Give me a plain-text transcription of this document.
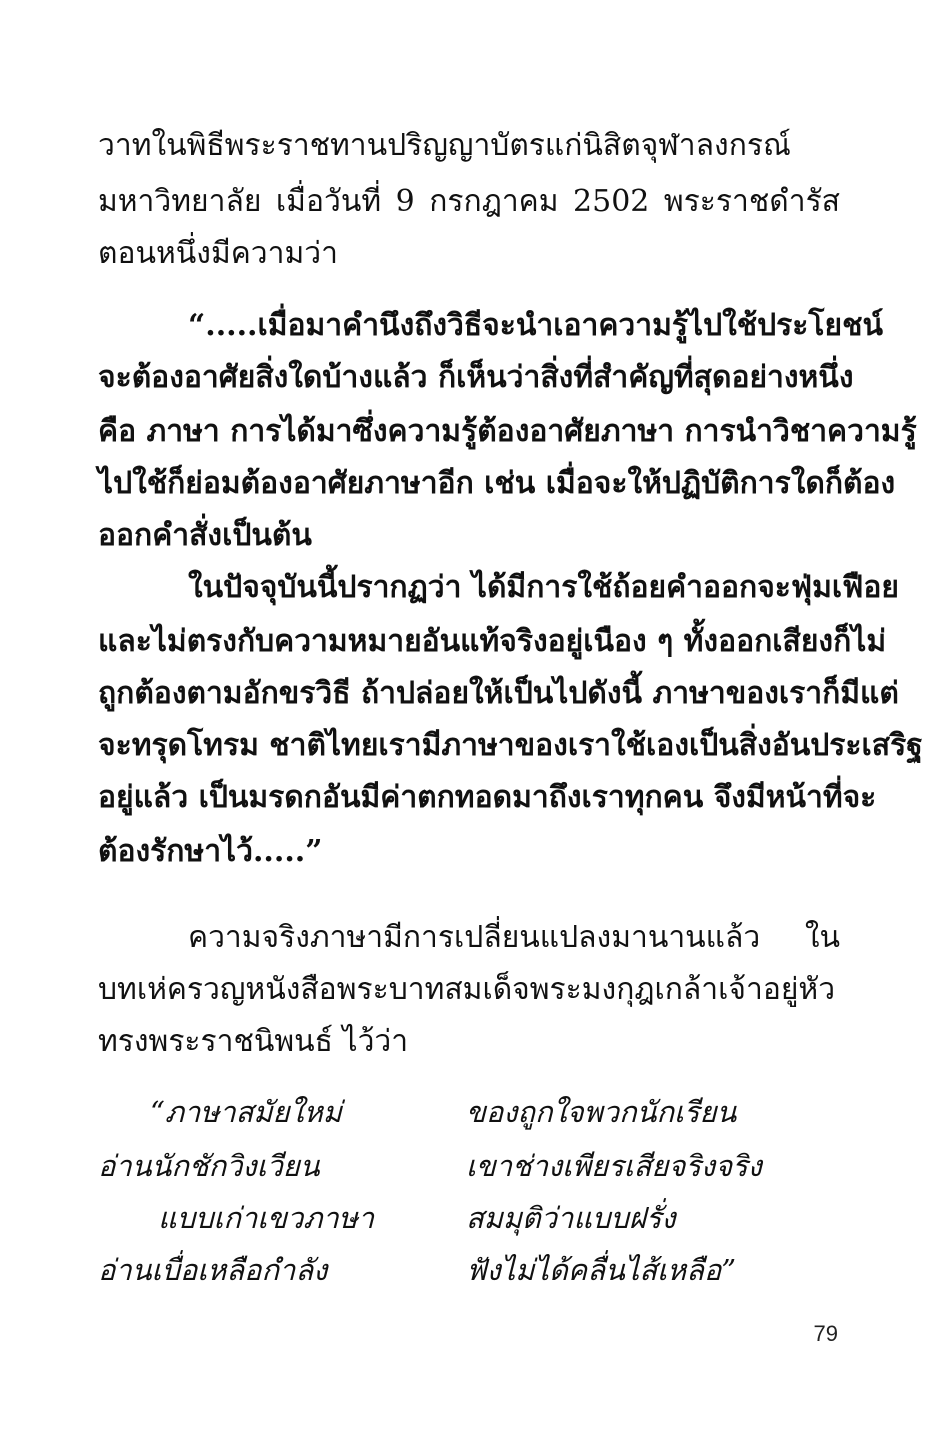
วาทในพิธีพระราชทานปริญญาบัตรแก่นิสิตจุฬาลงกรณ์
มหาวิทยาลัย เมื่อวันที่ 9 กรกฎาคม 2502 พระราชดำรัส
ตอนหนึ่งมีความว่า
“.....เมื่อมาคำนึงถึงวิธีจะนำเอาความรู้ไปใช้ประโยชน์
จะต้องอาศัยสิ่งใดบ้างแล้ว ก็เห็นว่าสิ่งที่สำคัญที่สุดอย่างหนึ่ง
คือ ภาษา การได้มาซึ่งความรู้ต้องอาศัยภาษา การนำวิชาความรู้
ไปใช้ก็ย่อมต้องอาศัยภาษาอีก เช่น เมื่อจะให้ปฏิบัติการใดก็ต้อง
ออกคำสั่งเป็นต้น
ในปัจจุบันนี้ปรากฏว่า ได้มีการใช้ถ้อยคำออกจะฟุ่มเฟือย
และไม่ตรงกับความหมายอันแท้จริงอยู่เนือง ๆ ทั้งออกเสียงก็ไม่
ถูกต้องตามอักขรวิธี ถ้าปล่อยให้เป็นไปดังนี้ ภาษาของเราก็มีแต่
จะทรุดโทรม ชาติไทยเรามีภาษาของเราใช้เองเป็นสิ่งอันประเสริฐ
อยู่แล้ว เป็นมรดกอันมีค่าตกทอดมาถึงเราทุกคน จึงมีหน้าที่จะ
ต้องรักษาไว้.....”
ความจริงภาษามีการเปลี่ยนแปลงมานานแล้ว ใน
บทเห่ครวญหนังสือพระบาทสมเด็จพระมงกุฎเกล้าเจ้าอยู่หัว
ทรงพระราชนิพนธ์ ไว้ว่า
“ภาษาสมัยใหม่	ของถูกใจพวกนักเรียน
อ่านนักชักวิงเวียน	เขาช่างเพียรเสียจริงจริง
แบบเก่าเขวภาษา	สมมุติว่าแบบฝรั่ง
อ่านเบื่อเหลือกำลัง	ฟังไม่ได้คลื่นไส้เหลือ”
79
